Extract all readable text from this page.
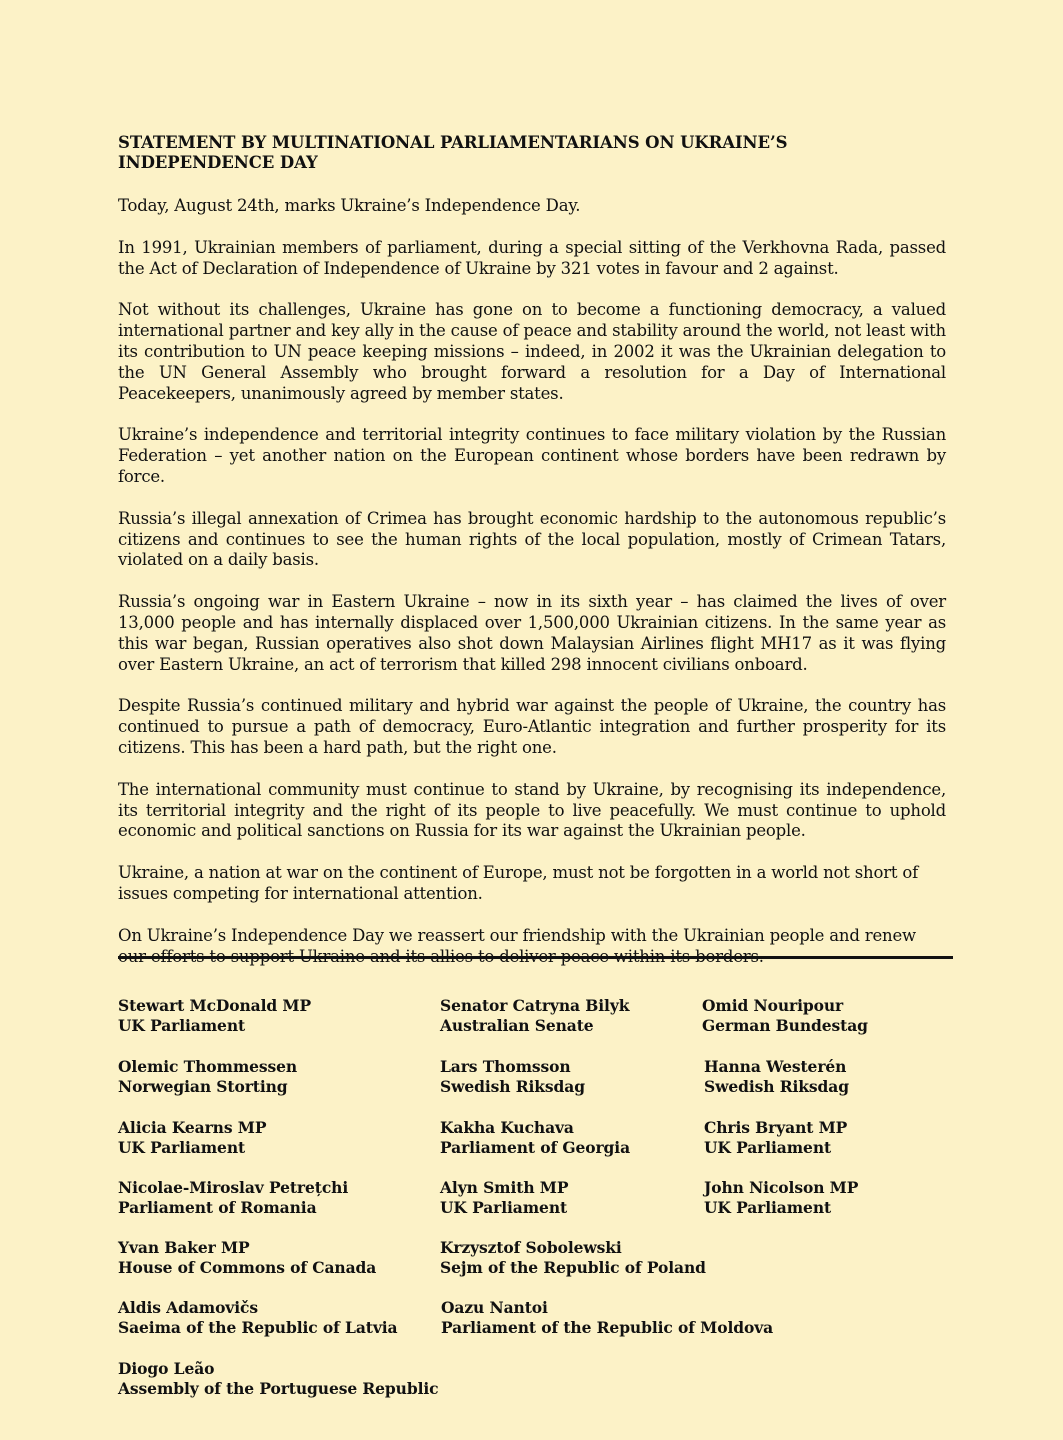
STATEMENT BY MULTINATIONAL PARLIAMENTARIANS ON UKRAINE’S INDEPENDENCE DAY

Today, August 24th, marks Ukraine’s Independence Day.

In 1991, Ukrainian members of parliament, during a special sitting of the Verkhovna Rada, passed the Act of Declaration of Independence of Ukraine by 321 votes in favour and 2 against.

Not without its challenges, Ukraine has gone on to become a functioning democracy, a valued international partner and key ally in the cause of peace and stability around the world, not least with its contribution to UN peace keeping missions – indeed, in 2002 it was the Ukrainian delegation to the UN General Assembly who brought forward a resolution for a Day of International Peacekeepers, unanimously agreed by member states.

Ukraine’s independence and territorial integrity continues to face military violation by the Russian Federation – yet another nation on the European continent whose borders have been redrawn by force.

Russia’s illegal annexation of Crimea has brought economic hardship to the autonomous republic’s citizens and continues to see the human rights of the local population, mostly of Crimean Tatars, violated on a daily basis.

Russia’s ongoing war in Eastern Ukraine – now in its sixth year – has claimed the lives of over 13,000 people and has internally displaced over 1,500,000 Ukrainian citizens. In the same year as this war began, Russian operatives also shot down Malaysian Airlines flight MH17 as it was flying over Eastern Ukraine, an act of terrorism that killed 298 innocent civilians onboard.

Despite Russia’s continued military and hybrid war against the people of Ukraine, the country has continued to pursue a path of democracy, Euro-Atlantic integration and further prosperity for its citizens. This has been a hard path, but the right one.

The international community must continue to stand by Ukraine, by recognising its independence, its territorial integrity and the right of its people to live peacefully. We must continue to uphold economic and political sanctions on Russia for its war against the Ukrainian people.

Ukraine, a nation at war on the continent of Europe, must not be forgotten in a world not short of issues competing for international attention.

On Ukraine’s Independence Day we reassert our friendship with the Ukrainian people and renew

Stewart McDonald MP
UK Parliament
Senator Catryna Bilyk
Australian Senate
Omid Nouripour
German Bundestag
Olemic Thommessen
Norwegian Storting
Lars Thomsson
Swedish Riksdag
Hanna Westerén
Swedish Riksdag
Alicia Kearns MP
UK Parliament
Kakha Kuchava
Parliament of Georgia
Chris Bryant MP
UK Parliament
Nicolae-Miroslav Petrețchi
Parliament of Romania
Alyn Smith MP
UK Parliament
John Nicolson MP
UK Parliament
Yvan Baker MP
House of Commons of Canada
Krzysztof Sobolewski
Sejm of the Republic of Poland
Aldis Adamovičs
Saeima of the Republic of Latvia
Oazu Nantoi
Parliament of the Republic of Moldova
Diogo Leão
Assembly of the Portuguese Republic
